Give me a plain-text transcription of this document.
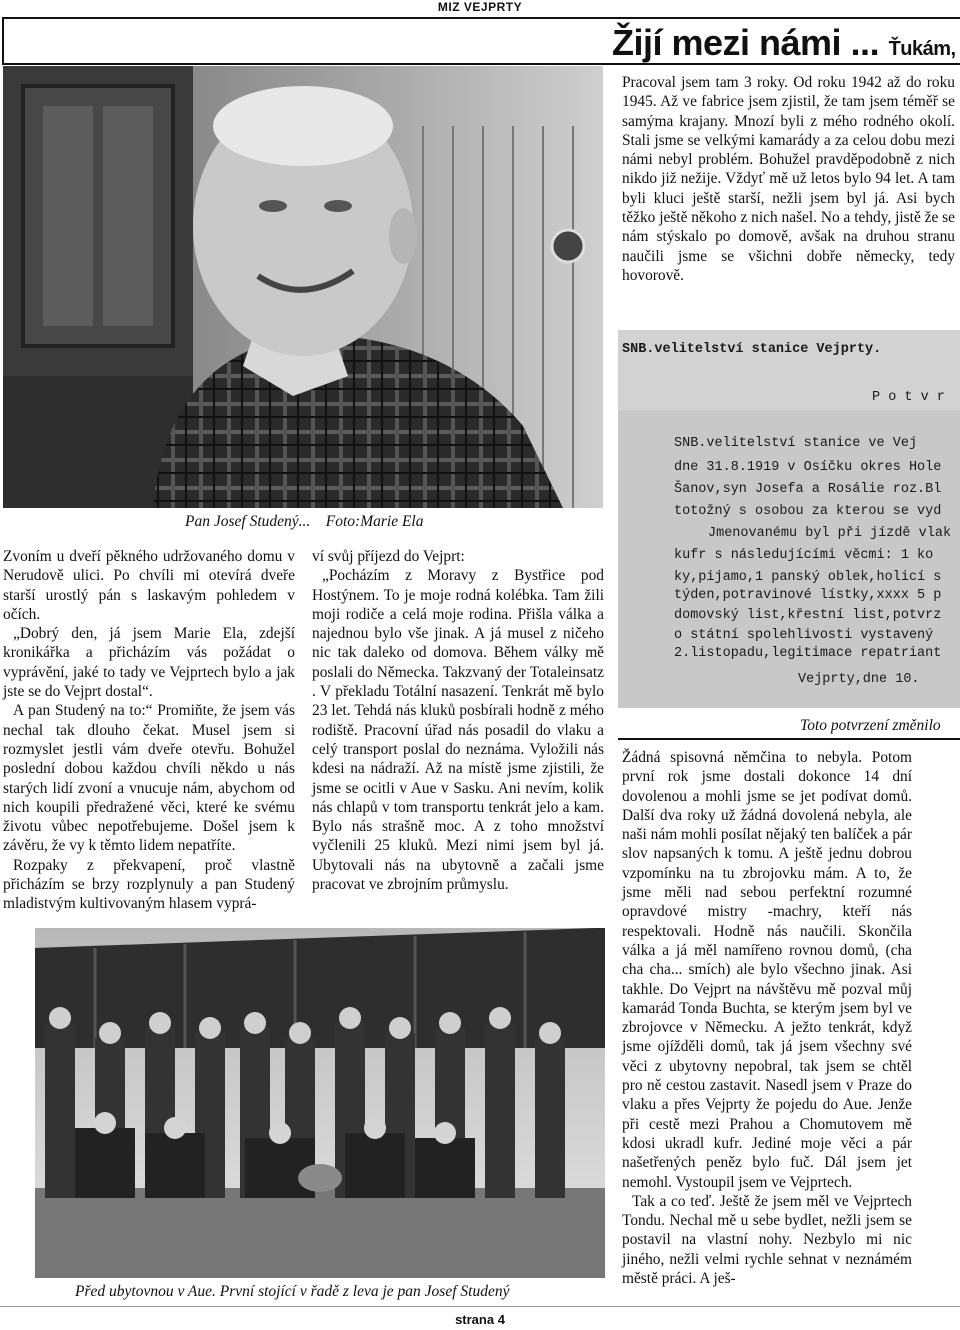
MIZ VEJPRTY
Žijí mezi námi ... Ťukám,
Pan Josef Studený...    Foto:Marie Ela

Pracoval jsem tam 3 roky. Od roku 1942 až do roku 1945. Až ve fabrice jsem zjistil, že tam jsem téměř se samýma krajany. Mnozí byli z mého rodného okolí. Stali jsme se velkými kamarády a za celou dobu mezi námi nebyl problém. Bohužel pravděpodobně z nich nikdo již nežije. Vždyť mě už letos bylo 94 let. A tam byli kluci ještě starší, nežli jsem byl já. Asi bych těžko ještě někoho z nich našel. No a tehdy, jistě že se nám stýskalo po domově, avšak na druhou stranu naučili jsme se všichni dobře německy, tedy hovorově.

SNB.velitelství stanice Vejprty.
P o t v r
SNB.velitelství stanice ve Vej
dne 31.8.1919 v Osíčku okres Hole
Šanov,syn Josefa a Rosálie roz.Bl
totožný s osobou za kterou se vyd
Jmenovanému byl při jízdě vlak
kufr s následujícími věcmi: 1 ko
ky,pijamo,1 panský oblek,holicí s
týden,potravinové lístky,xxxx 5 p
domovský list,křestní list,potvrz
o státní spolehlivosti vystavený
2.listopadu,legitimace repatriant
Vejprty,dne 10.
Toto potvrzení změnilo

Zvoním u dveří pěkného udržovaného domu v Nerudově ulici. Po chvíli mi otevírá dveře starší urostlý pán s laskavým pohledem v očích.

„Dobrý den, já jsem Marie Ela, zdejší kronikářka a přicházím vás požádat o vyprávění, jaké to tady ve Vejprtech bylo a jak jste se do Vejprt dostal“.

A pan Studený na to:“ Promiňte, že jsem vás nechal tak dlouho čekat. Musel jsem si rozmyslet jestli vám dveře otevřu. Bohužel poslední dobou každou chvíli někdo u nás starých lidí zvoní a vnucuje nám, abychom od nich koupili předražené věci, které ke svému životu vůbec nepotřebujeme. Došel jsem k závěru, že vy k těmto lidem nepatříte.

Rozpaky z překvapení, proč vlastně přicházím se brzy rozplynuly a pan Studený mladistvým kultivovaným hlasem vyprá-

ví svůj příjezd do Vejprt:

„Pocházím z Moravy z Bystřice pod Hostýnem. To je moje rodná kolébka. Tam žili moji rodiče a celá moje rodina. Přišla válka a najednou bylo vše jinak. A já musel z ničeho nic tak daleko od domova. Během války mě poslali do Německa. Takzvaný der Totaleinsatz . V překladu Totální nasazení. Tenkrát mě bylo 23 let. Tehdá nás kluků posbírali hodně z mého rodiště. Pracovní úřad nás posadil do vlaku a celý transport poslal do neznáma. Vyložili nás kdesi na nádraží. Až na místě jsme zjistili, že jsme se ocitli v Aue v Sasku. Ani nevím, kolik nás chlapů v tom transportu tenkrát jelo a kam. Bylo nás strašně moc. A z toho množství vyčlenili 25 kluků. Mezi nimi jsem byl já. Ubytovali nás na ubytovně a začali jsme pracovat ve zbrojním průmyslu.

Žádná spisovná němčina to nebyla. Potom první rok jsme dostali dokonce 14 dní dovolenou a mohli jsme se jet podívat domů. Další dva roky už žádná dovolená nebyla, ale naši nám mohli posílat nějaký ten balíček a pár slov napsaných k tomu. A ještě jednu dobrou vzpomínku na tu zbrojovku mám. A to, že jsme měli nad sebou perfektní rozumné opravdové mistry -machry, kteří nás respektovali. Hodně nás naučili. Skončila válka a já měl namířeno rovnou domů, (cha cha cha... smích) ale bylo všechno jinak. Asi takhle. Do Vejprt na návštěvu mě pozval můj kamarád Tonda Buchta, se kterým jsem byl ve zbrojovce v Německu. A ježto tenkrát, když jsme ojížděli domů, tak já jsem všechny své věci z ubytovny nepobral, tak jsem se chtěl pro ně cestou zastavit. Nasedl jsem v Praze do vlaku a přes Vejprty že pojedu do Aue. Jenže při cestě mezi Prahou a Chomutovem mě kdosi ukradl kufr. Jediné moje věci a pár našetřených peněz bylo fuč. Dál jsem jet nemohl. Vystoupil jsem ve Vejprtech.

Tak a co teď. Ještě že jsem měl ve Vejprtech Tondu. Nechal mě u sebe bydlet, nežli jsem se postavil na vlastní nohy. Nezbylo mi nic jiného, nežli velmi rychle sehnat v neznámém městě práci. A ješ-

Před ubytovnou v Aue. První stojící v řadě z leva je pan Josef Studený
strana 4
